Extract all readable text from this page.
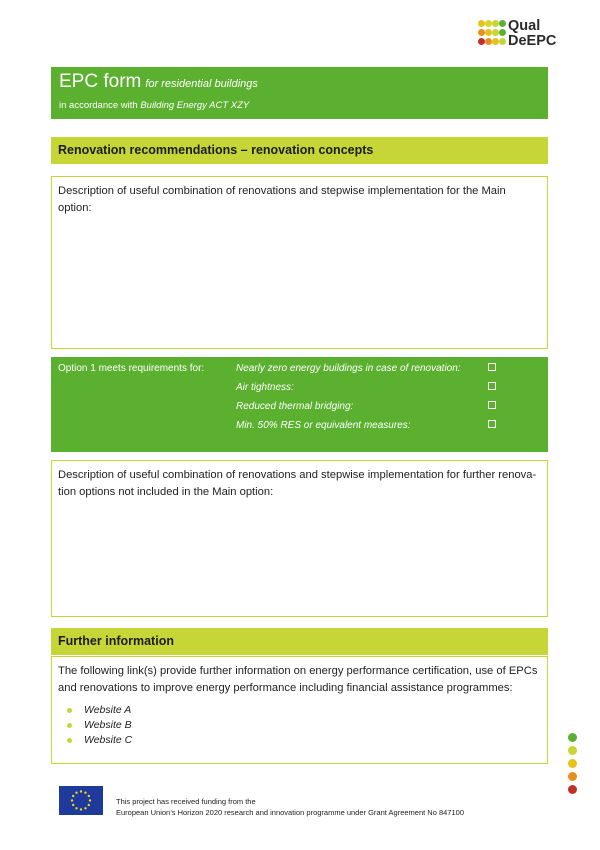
Qual
DeEPC
EPC form for residential buildings
in accordance with Building Energy ACT XZY
Renovation recommendations – renovation concepts
Description of useful combination of renovations and stepwise implementation for the Main option:
Option 1 meets requirements for:	Nearly zero energy buildings in case of renovation:
Air tightness:
Reduced thermal bridging:
Min. 50% RES or equivalent measures:
Description of useful combination of renovations and stepwise implementation for further renova-tion options not included in the Main option:
Further information
The following link(s) provide further information on energy performance certification, use of EPCs and renovations to improve energy performance including financial assistance programmes:
Website A
Website B
Website C
This project has received funding from the
European Union’s Horizon 2020 research and innovation programme under Grant Agreement No 847100
